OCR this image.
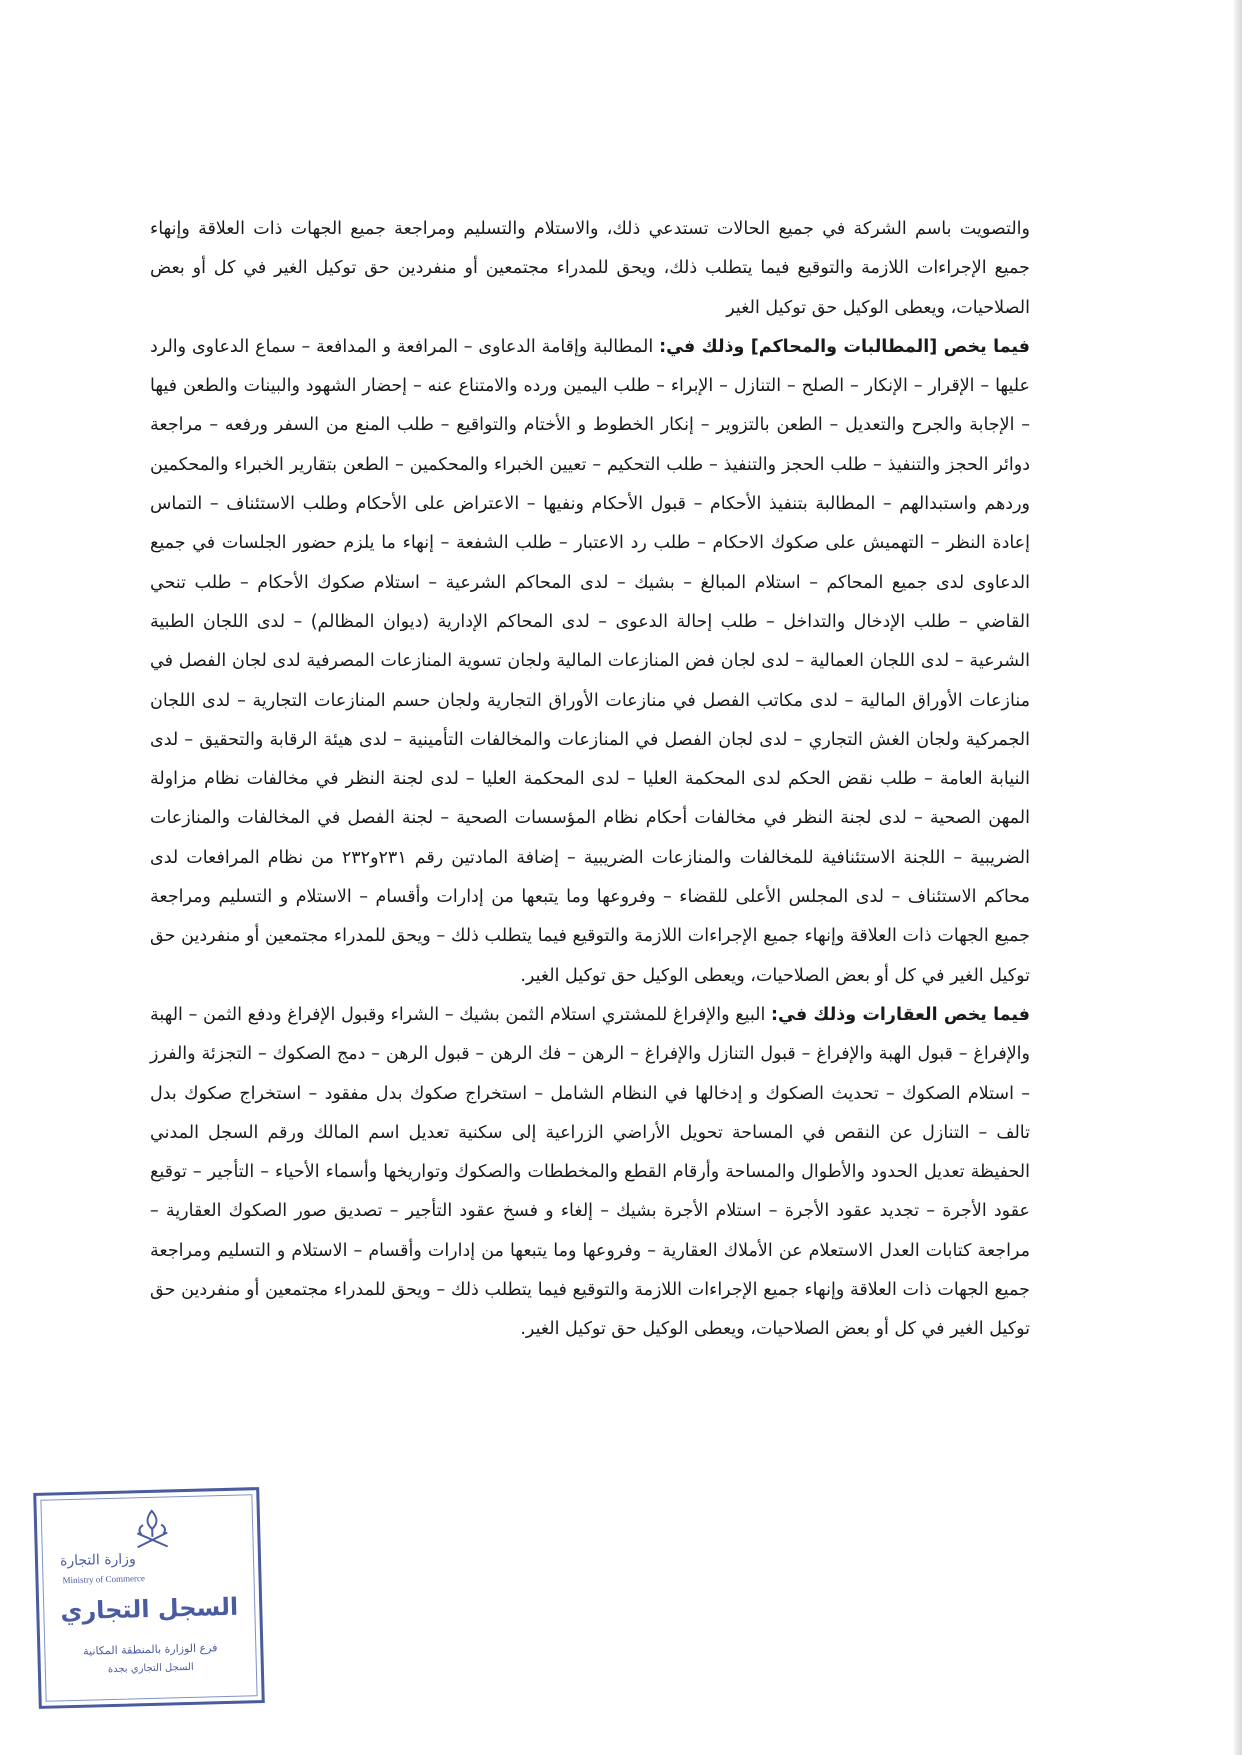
والتصويت باسم الشركة في جميع الحالات تستدعي ذلك، والاستلام والتسليم ومراجعة جميع الجهات ذات العلاقة وإنهاء جميع الإجراءات اللازمة والتوقيع فيما يتطلب ذلك، ويحق للمدراء مجتمعين أو منفردين حق توكيل الغير في كل أو بعض الصلاحيات، ويعطى الوكيل حق توكيل الغير

فيما يخص [المطالبات والمحاكم] وذلك في: المطالبة وإقامة الدعاوى – المرافعة و المدافعة – سماع الدعاوى والرد عليها – الإقرار – الإنكار – الصلح – التنازل – الإبراء – طلب اليمين ورده والامتناع عنه – إحضار الشهود والبينات والطعن فيها – الإجابة والجرح والتعديل – الطعن بالتزوير – إنكار الخطوط و الأختام والتواقيع – طلب المنع من السفر ورفعه – مراجعة دوائر الحجز والتنفيذ – طلب الحجز والتنفيذ – طلب التحكيم – تعيين الخبراء والمحكمين – الطعن بتقارير الخبراء والمحكمين وردهم واستبدالهم – المطالبة بتنفيذ الأحكام – قبول الأحكام ونفيها – الاعتراض على الأحكام وطلب الاستئناف – التماس إعادة النظر – التهميش على صكوك الاحكام – طلب رد الاعتبار – طلب الشفعة – إنهاء ما يلزم حضور الجلسات في جميع الدعاوى لدى جميع المحاكم – استلام المبالغ – بشيك – لدى المحاكم الشرعية – استلام صكوك الأحكام – طلب تنحي القاضي – طلب الإدخال والتداخل – طلب إحالة الدعوى – لدى المحاكم الإدارية (ديوان المظالم) – لدى اللجان الطبية الشرعية – لدى اللجان العمالية – لدى لجان فض المنازعات المالية ولجان تسوية المنازعات المصرفية لدى لجان الفصل في منازعات الأوراق المالية – لدى مكاتب الفصل في منازعات الأوراق التجارية ولجان حسم المنازعات التجارية – لدى اللجان الجمركية ولجان الغش التجاري – لدى لجان الفصل في المنازعات والمخالفات التأمينية – لدى هيئة الرقابة والتحقيق – لدى النيابة العامة – طلب نقض الحكم لدى المحكمة العليا – لدى المحكمة العليا – لدى لجنة النظر في مخالفات نظام مزاولة المهن الصحية – لدى لجنة النظر في مخالفات أحكام نظام المؤسسات الصحية – لجنة الفصل في المخالفات والمنازعات الضريبية – اللجنة الاستئنافية للمخالفات والمنازعات الضريبية – إضافة المادتين رقم ٢٣١و٢٣٢ من نظام المرافعات لدى محاكم الاستئناف – لدى المجلس الأعلى للقضاء – وفروعها وما يتبعها من إدارات وأقسام – الاستلام و التسليم ومراجعة جميع الجهات ذات العلاقة وإنهاء جميع الإجراءات اللازمة والتوقيع فيما يتطلب ذلك – ويحق للمدراء مجتمعين أو منفردين حق توكيل الغير في كل أو بعض الصلاحيات، ويعطى الوكيل حق توكيل الغير.

فيما يخص العقارات وذلك في: البيع والإفراغ للمشتري استلام الثمن بشيك – الشراء وقبول الإفراغ ودفع الثمن – الهبة والإفراغ – قبول الهبة والإفراغ – قبول التنازل والإفراغ – الرهن – فك الرهن – قبول الرهن – دمج الصكوك – التجزئة والفرز – استلام الصكوك – تحديث الصكوك و إدخالها في النظام الشامل – استخراج صكوك بدل مفقود – استخراج صكوك بدل تالف – التنازل عن النقص في المساحة تحويل الأراضي الزراعية إلى سكنية تعديل اسم المالك ورقم السجل المدني الحفيظة تعديل الحدود والأطوال والمساحة وأرقام القطع والمخططات والصكوك وتواريخها وأسماء الأحياء – التأجير – توقيع عقود الأجرة – تجديد عقود الأجرة – استلام الأجرة بشيك – إلغاء و فسخ عقود التأجير – تصديق صور الصكوك العقارية – مراجعة كتابات العدل الاستعلام عن الأملاك العقارية – وفروعها وما يتبعها من إدارات وأقسام – الاستلام و التسليم ومراجعة جميع الجهات ذات العلاقة وإنهاء جميع الإجراءات اللازمة والتوقيع فيما يتطلب ذلك – ويحق للمدراء مجتمعين أو منفردين حق توكيل الغير في كل أو بعض الصلاحيات، ويعطى الوكيل حق توكيل الغير.

وزارة التجارة
Ministry of Commerce
السجل التجاري
فرع الوزارة بالمنطقة المكانية
السجل التجاري بجدة
